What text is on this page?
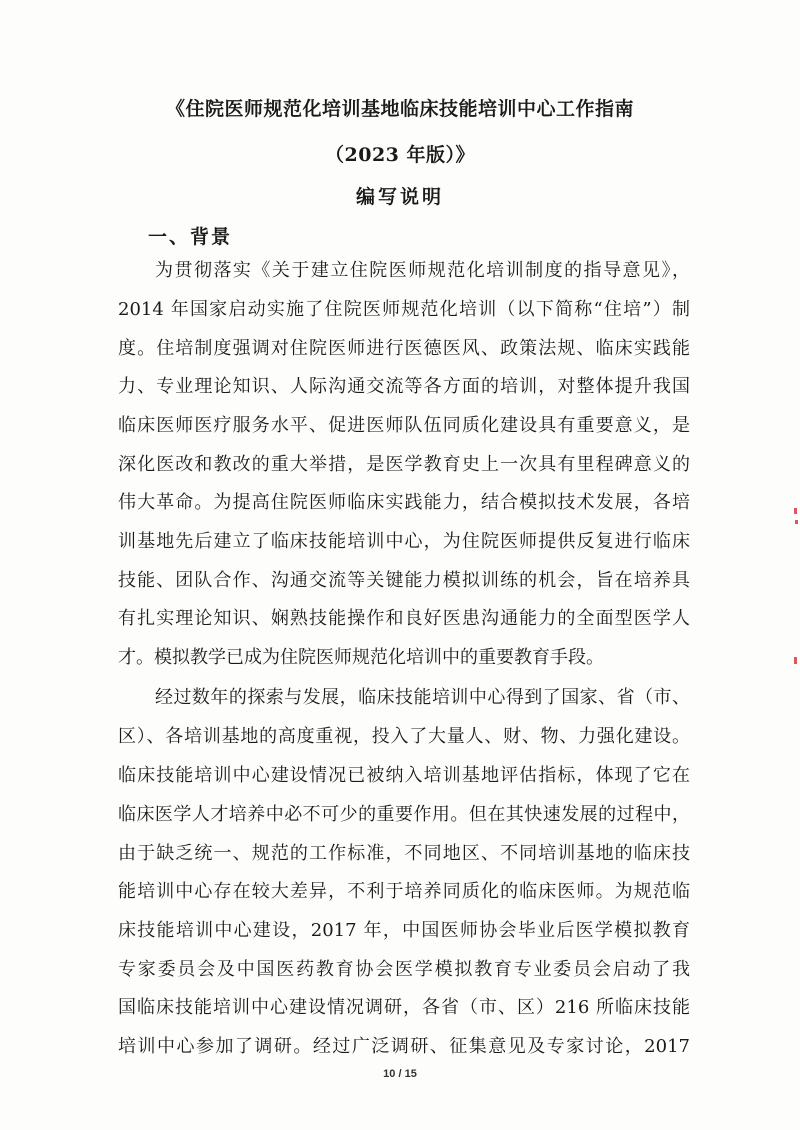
《住院医师规范化培训基地临床技能培训中心工作指南
（2023 年版）》
编写说明
一、背景
为贯彻落实《关于建立住院医师规范化培训制度的指导意见》，
2014 年国家启动实施了住院医师规范化培训（以下简称“住培”）制
度。住培制度强调对住院医师进行医德医风、政策法规、临床实践能
力、专业理论知识、人际沟通交流等各方面的培训，对整体提升我国
临床医师医疗服务水平、促进医师队伍同质化建设具有重要意义，是
深化医改和教改的重大举措，是医学教育史上一次具有里程碑意义的
伟大革命。为提高住院医师临床实践能力，结合模拟技术发展，各培
训基地先后建立了临床技能培训中心，为住院医师提供反复进行临床
技能、团队合作、沟通交流等关键能力模拟训练的机会，旨在培养具
有扎实理论知识、娴熟技能操作和良好医患沟通能力的全面型医学人
才。模拟教学已成为住院医师规范化培训中的重要教育手段。
经过数年的探索与发展，临床技能培训中心得到了国家、省（市、
区）、各培训基地的高度重视，投入了大量人、财、物、力强化建设。
临床技能培训中心建设情况已被纳入培训基地评估指标，体现了它在
临床医学人才培养中必不可少的重要作用。但在其快速发展的过程中，
由于缺乏统一、规范的工作标准，不同地区、不同培训基地的临床技
能培训中心存在较大差异，不利于培养同质化的临床医师。为规范临
床技能培训中心建设，2017 年，中国医师协会毕业后医学模拟教育
专家委员会及中国医药教育协会医学模拟教育专业委员会启动了我
国临床技能培训中心建设情况调研，各省（市、区）216 所临床技能
培训中心参加了调研。经过广泛调研、征集意见及专家讨论，2017
10 / 15
